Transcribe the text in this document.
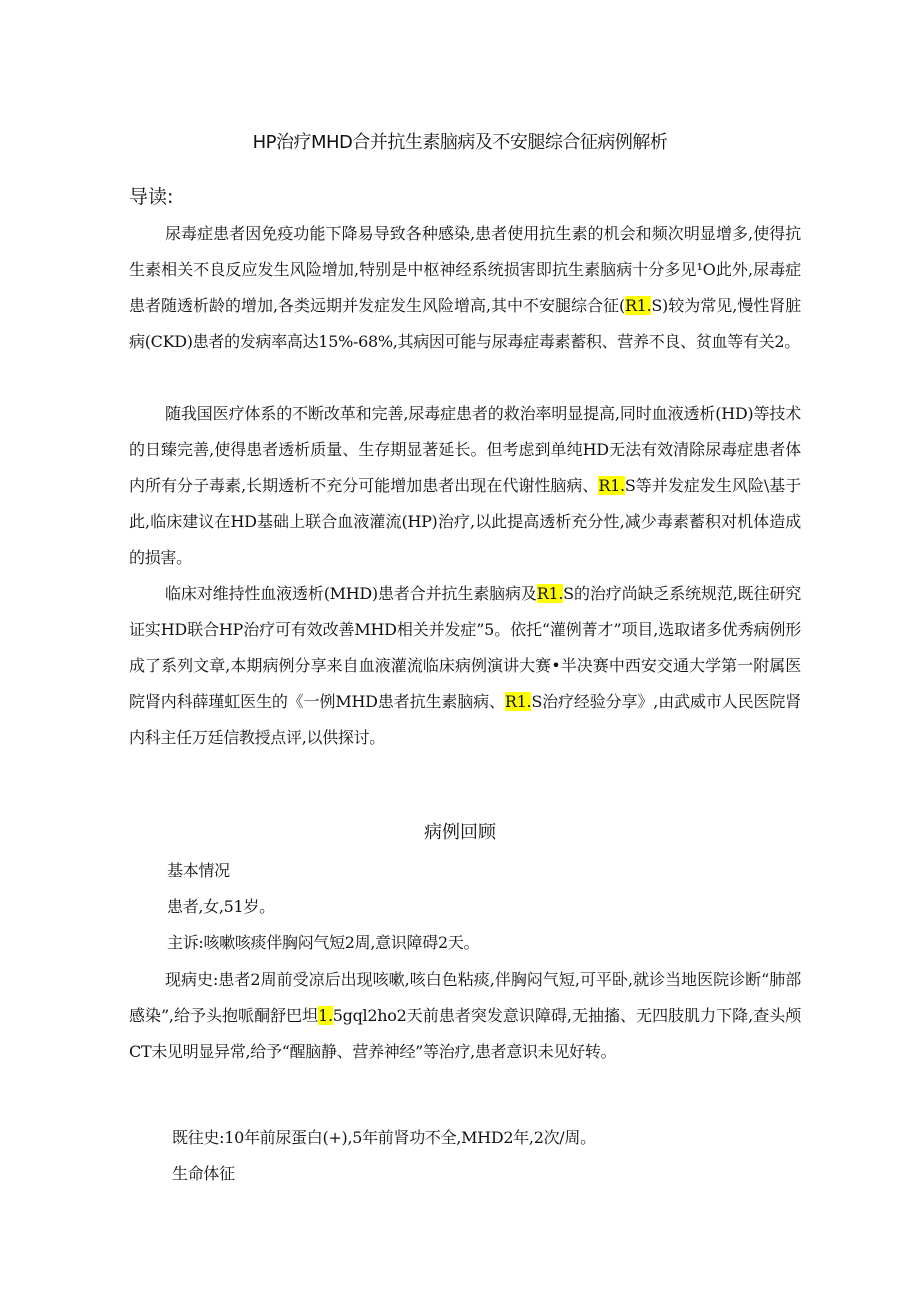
HP治疗MHD合并抗生素脑病及不安腿综合征病例解析
导读:

尿毒症患者因免疫功能下降易导致各种感染,患者使用抗生素的机会和频次明显增多,使得抗生素相关不良反应发生风险增加,特别是中枢神经系统损害即抗生素脑病十分多见¹O此外,尿毒症患者随透析龄的增加,各类远期并发症发生风险增高,其中不安腿综合征(R1.S)较为常见,慢性肾脏病(CKD)患者的发病率高达15%-68%,其病因可能与尿毒症毒素蓄积、营养不良、贫血等有关2。

随我国医疗体系的不断改革和完善,尿毒症患者的救治率明显提高,同时血液透析(HD)等技术的日臻完善,使得患者透析质量、生存期显著延长。但考虑到单纯HD无法有效清除尿毒症患者体内所有分子毒素,长期透析不充分可能增加患者出现在代谢性脑病、R1.S等并发症发生风险\基于此,临床建议在HD基础上联合血液灌流(HP)治疗,以此提高透析充分性,减少毒素蓄积对机体造成的损害。

临床对维持性血液透析(MHD)患者合并抗生素脑病及R1.S的治疗尚缺乏系统规范,既往研究证实HD联合HP治疗可有效改善MHD相关并发症”5。依托“灌例菁才”项目,选取诸多优秀病例形成了系列文章,本期病例分享来自血液灌流临床病例演讲大赛•半决赛中西安交通大学第一附属医院肾内科薛瑾虹医生的《一例MHD患者抗生素脑病、R1.S治疗经验分享》,由武威市人民医院肾内科主任万廷信教授点评,以供探讨。

病例回顾
基本情况
患者,女,51岁。
主诉:咳嗽咳痰伴胸闷气短2周,意识障碍2天。

现病史:患者2周前受凉后出现咳嗽,咳白色粘痰,伴胸闷气短,可平卧,就诊当地医院诊断“肺部感染”,给予头抱哌酮舒巴坦1.5gql2ho2天前患者突发意识障碍,无抽搐、无四肢肌力下降,查头颅CT未见明显异常,给予“醒脑静、营养神经”等治疗,患者意识未见好转。

既往史:10年前尿蛋白(+),5年前肾功不全,MHD2年,2次/周。
生命体征
